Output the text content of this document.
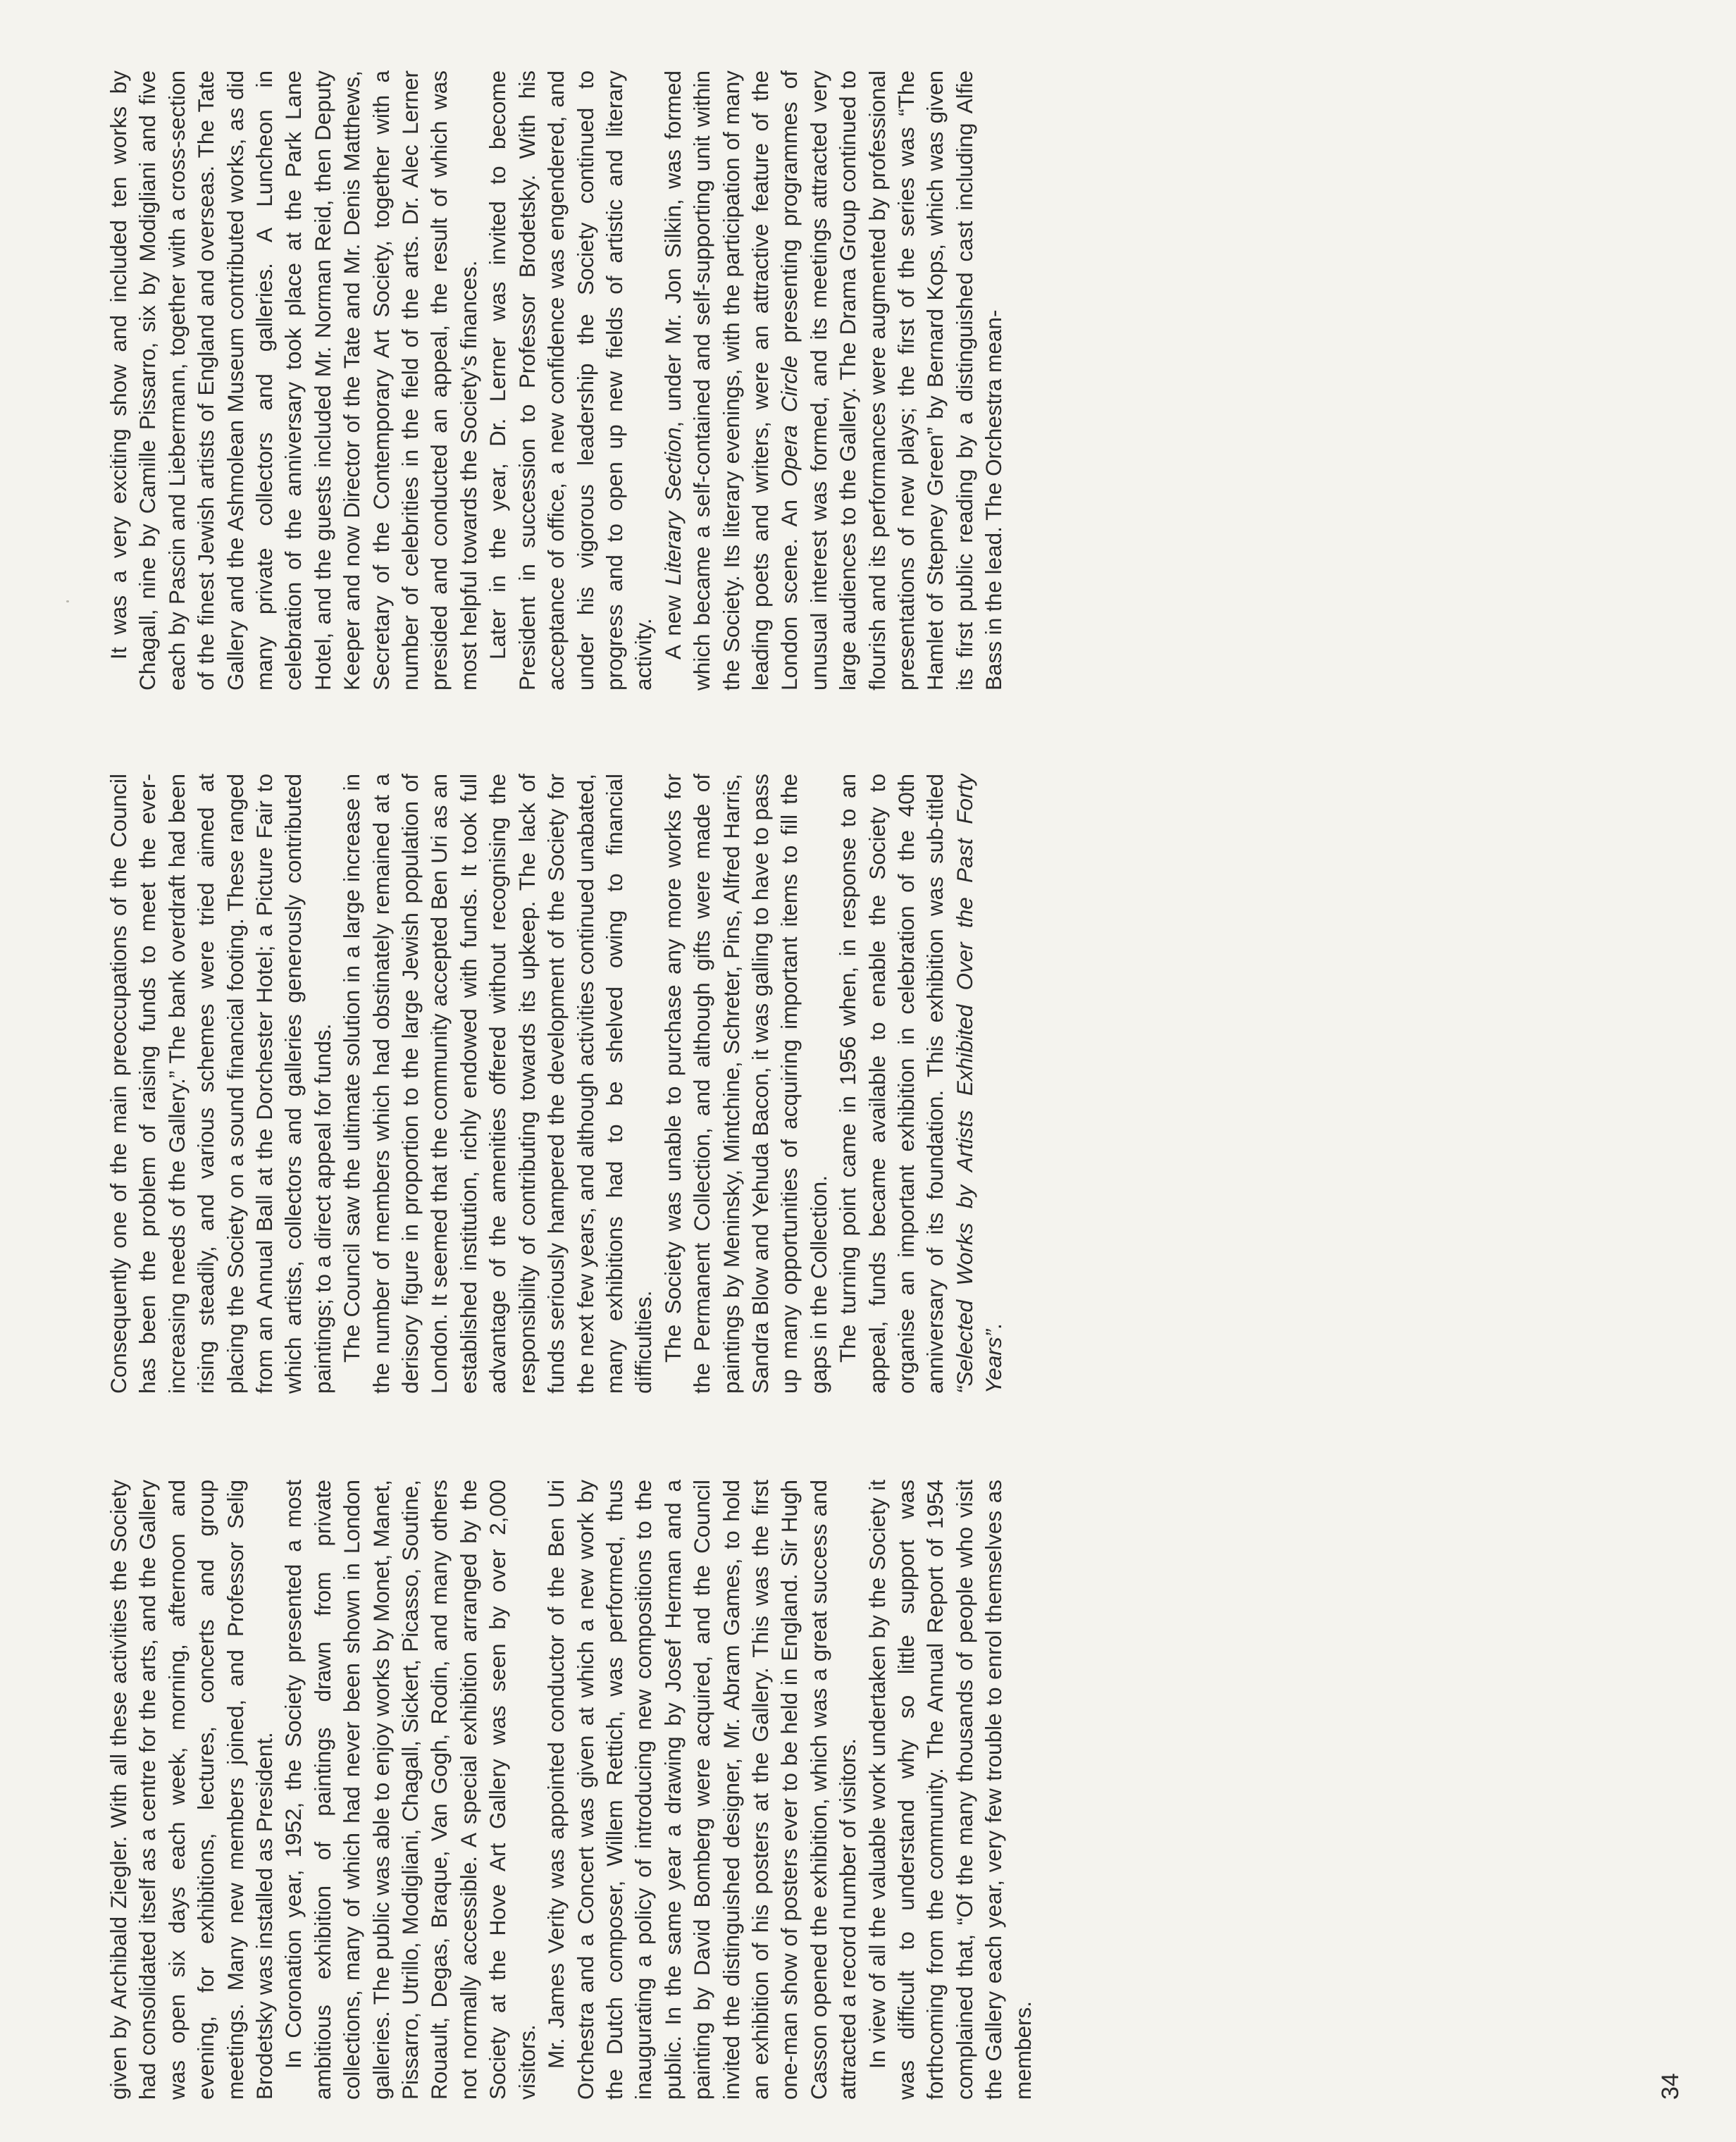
given by Archibald Ziegler. With all these activities the Society had consolidated itself as a centre for the arts, and the Gallery was open six days each week, morning, afternoon and evening, for exhibitions, lectures, concerts and group meetings. Many new members joined, and Professor Selig Brodetsky was installed as President. In Coronation year, 1952, the Society presented a most ambitious exhibition of paintings drawn from private collections, many of which had never been shown in London galleries. The public was able to enjoy works by Monet, Manet, Pissarro, Utrillo, Modigliani, Chagall, Sickert, Picasso, Soutine, Rouault, Degas, Braque, Van Gogh, Rodin, and many others not normally accessible. A special exhibition arranged by the Society at the Hove Art Gallery was seen by over 2,000 visitors. Mr. James Verity was appointed conductor of the Ben Uri Orchestra and a Concert was given at which a new work by the Dutch composer, Willem Rettich, was performed, thus inaugurating a policy of introducing new compositions to the public. In the same year a drawing by Josef Herman and a painting by David Bomberg were acquired, and the Council invited the distinguished designer, Mr. Abram Games, to hold an exhibition of his posters at the Gallery. This was the first one-man show of posters ever to be held in England. Sir Hugh Casson opened the exhibition, which was a great success and attracted a record number of visitors. In view of all the valuable work undertaken by the Society it was difficult to understand why so little support was forthcoming from the community. The Annual Report of 1954 complained that, “Of the many thousands of people who visit the Gallery each year, very few trouble to enrol themselves as members.

Consequently one of the main preoccupations of the Council has been the problem of raising funds to meet the ever-increasing needs of the Gallery.” The bank overdraft had been rising steadily, and various schemes were tried aimed at placing the Society on a sound financial footing. These ranged from an Annual Ball at the Dorchester Hotel; a Picture Fair to which artists, collectors and galleries generously contributed paintings; to a direct appeal for funds. The Council saw the ultimate solution in a large increase in the number of members which had obstinately remained at a derisory figure in proportion to the large Jewish population of London. It seemed that the community accepted Ben Uri as an established institution, richly endowed with funds. It took full advantage of the amenities offered without recognising the responsibility of contributing towards its upkeep. The lack of funds seriously hampered the development of the Society for the next few years, and although activities continued unabated, many exhibitions had to be shelved owing to financial difficulties. The Society was unable to purchase any more works for the Permanent Collection, and although gifts were made of paintings by Meninsky, Mintchine, Schreter, Pins, Alfred Harris, Sandra Blow and Yehuda Bacon, it was galling to have to pass up many opportunities of acquiring important items to fill the gaps in the Collection. The turning point came in 1956 when, in response to an appeal, funds became available to enable the Society to organise an important exhibition in celebration of the 40th anniversary of its foundation. This exhibition was sub-titled “Selected Works by Artists Exhibited Over the Past Forty Years”.

It was a very exciting show and included ten works by Chagall, nine by Camille Pissarro, six by Modigliani and five each by Pascin and Liebermann, together with a cross-section of the finest Jewish artists of England and overseas. The Tate Gallery and the Ashmolean Museum contributed works, as did many private collectors and galleries. A Luncheon in celebration of the anniversary took place at the Park Lane Hotel, and the guests included Mr. Norman Reid, then Deputy Keeper and now Director of the Tate and Mr. Denis Matthews, Secretary of the Contemporary Art Society, together with a number of celebrities in the field of the arts. Dr. Alec Lerner presided and conducted an appeal, the result of which was most helpful towards the Society’s finances. Later in the year, Dr. Lerner was invited to become President in succession to Professor Brodetsky. With his acceptance of office, a new confidence was engendered, and under his vigorous leadership the Society continued to progress and to open up new fields of artistic and literary activity. A new Literary Section, under Mr. Jon Silkin, was formed which became a self-contained and self-supporting unit within the Society. Its literary evenings, with the participation of many leading poets and writers, were an attractive feature of the London scene. An Opera Circle presenting programmes of unusual interest was formed, and its meetings attracted very large audiences to the Gallery. The Drama Group continued to flourish and its performances were augmented by professional presentations of new plays; the first of the series was “The Hamlet of Stepney Green” by Bernard Kops, which was given its first public reading by a distinguished cast including Alfie Bass in the lead. The Orchestra mean-

34
